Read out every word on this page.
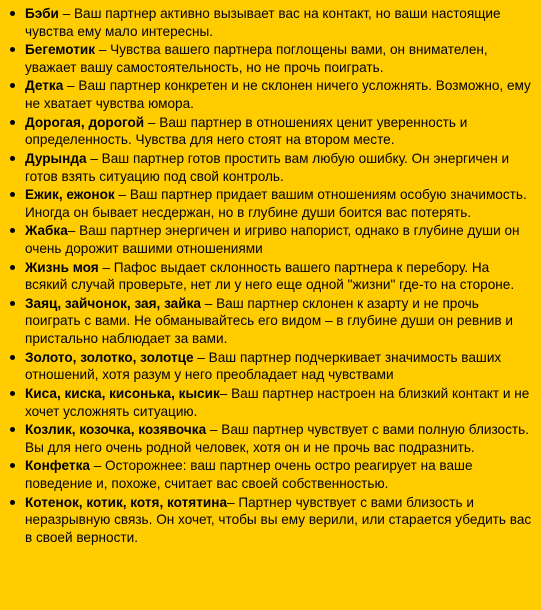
Бэби – Ваш партнер активно вызывает вас на контакт, но ваши настоящие чувства ему мало интересны.
Бегемотик – Чувства вашего партнера поглощены вами, он внимателен, уважает вашу самостоятельность, но не прочь поиграть.
Детка – Ваш партнер конкретен и не склонен ничего усложнять. Возможно, ему не хватает чувства юмора.
Дорогая, дорогой – Ваш партнер в отношениях ценит уверенность и определенность. Чувства для него стоят на втором месте.
Дурында – Ваш партнер готов простить вам любую ошибку. Он энергичен и готов взять ситуацию под свой контроль.
Ежик, ежонок – Ваш партнер придает вашим отношениям особую значимость. Иногда он бывает несдержан, но в глубине души боится вас потерять.
Жабка– Ваш партнер энергичен и игриво напорист, однако в глубине души он очень дорожит вашими отношениями
Жизнь моя – Пафос выдает склонность вашего партнера к перебору. На всякий случай проверьте, нет ли у него еще одной "жизни" где-то на стороне.
Заяц, зайчонок, зая, зайка – Ваш партнер склонен к азарту и не прочь поиграть с вами. Не обманывайтесь его видом – в глубине души он ревнив и пристально наблюдает за вами.
Золото, золотко, золотце – Ваш партнер подчеркивает значимость ваших отношений, хотя разум у него преобладает над чувствами
Киса, киска, кисонька, кысик– Ваш партнер настроен на близкий контакт и не хочет усложнять ситуацию.
Козлик, козочка, козявочка – Ваш партнер чувствует с вами полную близость. Вы для него очень родной человек, хотя он и не прочь вас подразнить.
Конфетка – Осторожнее: ваш партнер очень остро реагирует на ваше поведение и, похоже, считает вас своей собственностью.
Котенок, котик, котя, котятина– Партнер чувствует с вами близость и неразрывную связь. Он хочет, чтобы вы ему верили, или старается убедить вас в своей верности.
